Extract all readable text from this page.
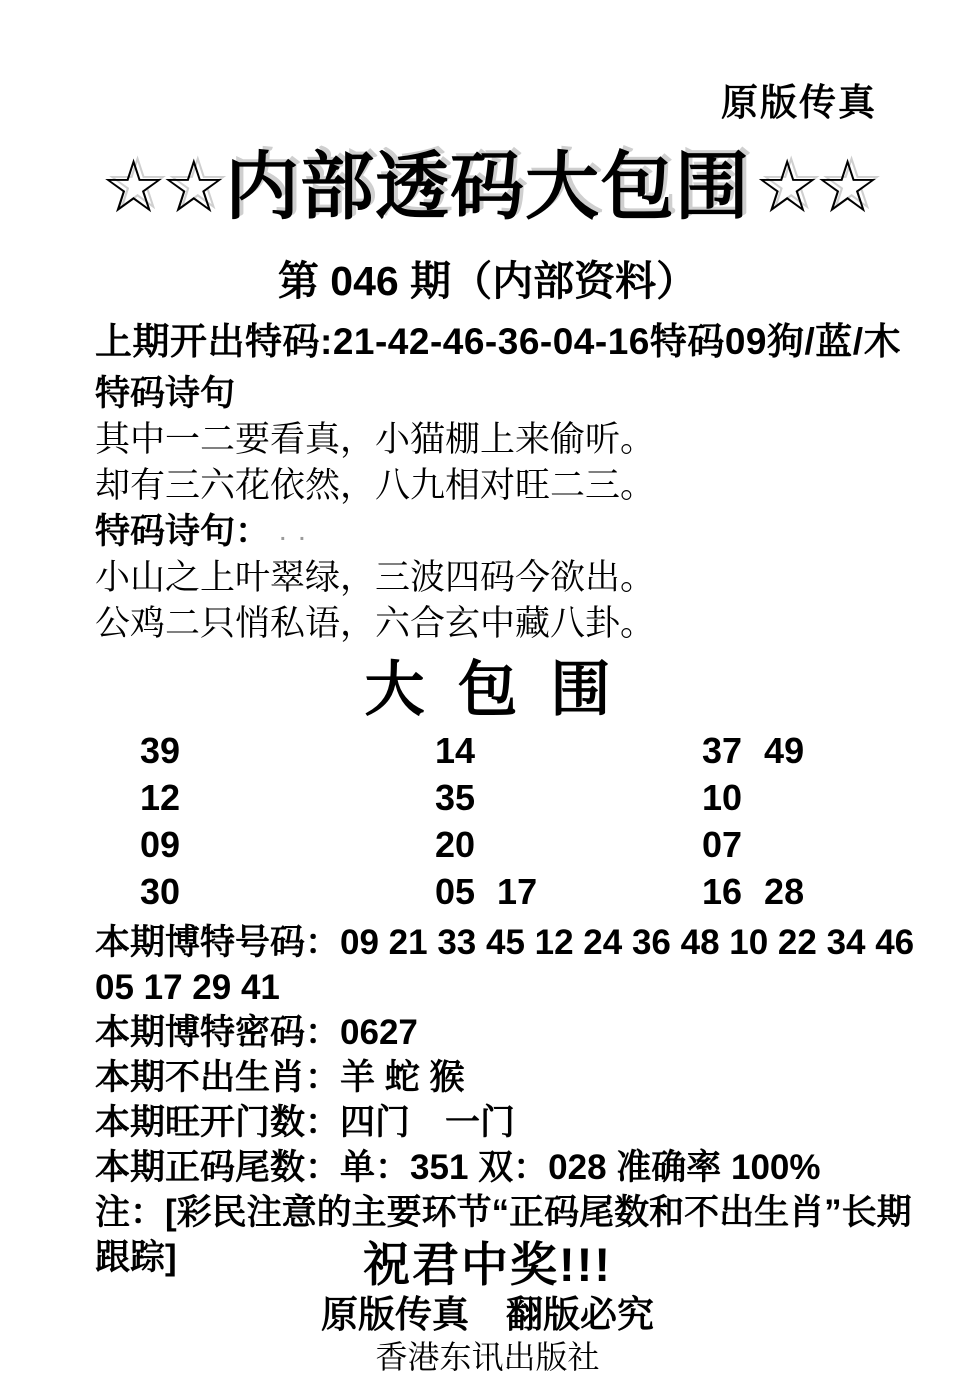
原版传真
☆☆内部透码大包围☆☆
第 046 期（内部资料）
上期开出特码:21-42-46-36-04-16特码09狗/蓝/木
特码诗句
其中一二要看真，小猫棚上来偷听。
却有三六花依然，八九相对旺二三。
特码诗句： . .
小山之上叶翠绿，三波四码今欲出。
公鸡二只悄私语，六合玄中藏八卦。
大包围
39	14	37 49
12	35	10
09	20	07
30	05 17	16 28
本期博特号码：09 21 33 45 12 24 36 48 10 22 34 46 05 17 29 41
本期博特密码：0627
本期不出生肖：羊 蛇 猴
本期旺开门数：四门　一门
本期正码尾数：单：351 双：028 准确率 100%
注：[彩民注意的主要环节“正码尾数和不出生肖”长期跟踪]	祝君中奖!!!
原版传真　翻版必究
香港东讯出版社
